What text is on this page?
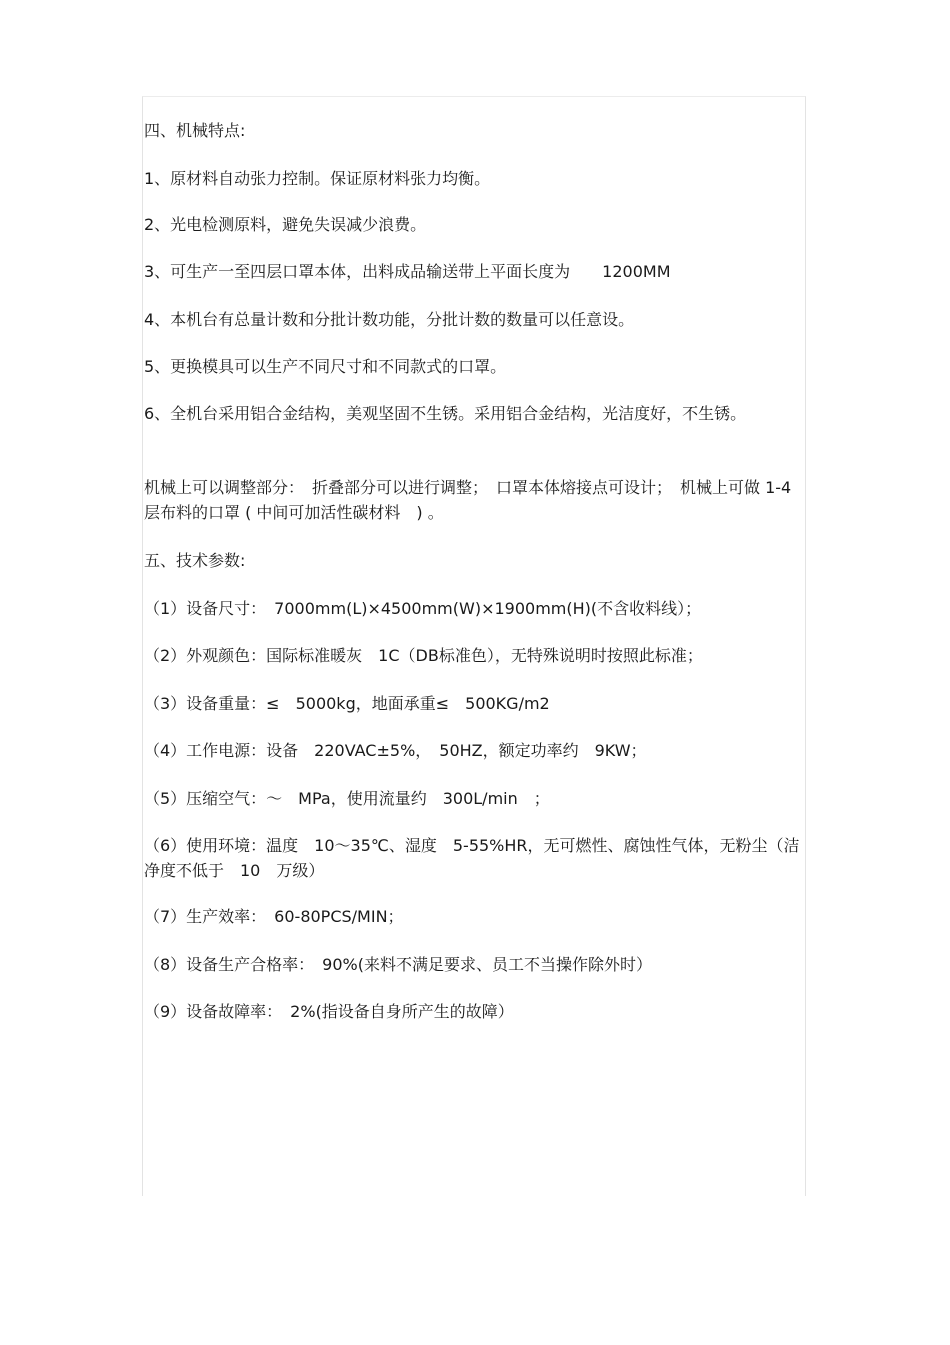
四、机械特点:
1、原材料自动张力控制。保证原材料张力均衡。
2、光电检测原料，避免失误减少浪费。
3、可生产一至四层口罩本体，出料成品输送带上平面长度为　　1200MM
4、本机台有总量计数和分批计数功能，分批计数的数量可以任意设。
5、更换模具可以生产不同尺寸和不同款式的口罩。
6、全机台采用铝合金结构，美观坚固不生锈。采用铝合金结构，光洁度好，不生锈。
机械上可以调整部分：　折叠部分可以进行调整；　口罩本体熔接点可设计；　机械上可做 1-4 层布料的口罩 ( 中间可加活性碳材料　) 。
五、技术参数:
（1）设备尺寸：　7000mm(L)×4500mm(W)×1900mm(H)(不含收料线）；
（2）外观颜色：国际标准暖灰　1C（DB标准色），无特殊说明时按照此标准；
（3）设备重量：≤　5000kg，地面承重≤　500KG/m2
（4）工作电源：设备　220VAC±5%，　50HZ，额定功率约　9KW；
（5）压缩空气：～　MPa，使用流量约　300L/min　；
（6）使用环境：温度　10～35℃、湿度　5-55%HR，无可燃性、腐蚀性气体，无粉尘（洁净度不低于　10　万级）
（7）生产效率：　60-80PCS/MIN；
（8）设备生产合格率：　90%(来料不满足要求、员工不当操作除外时）
（9）设备故障率：　2%(指设备自身所产生的故障）
